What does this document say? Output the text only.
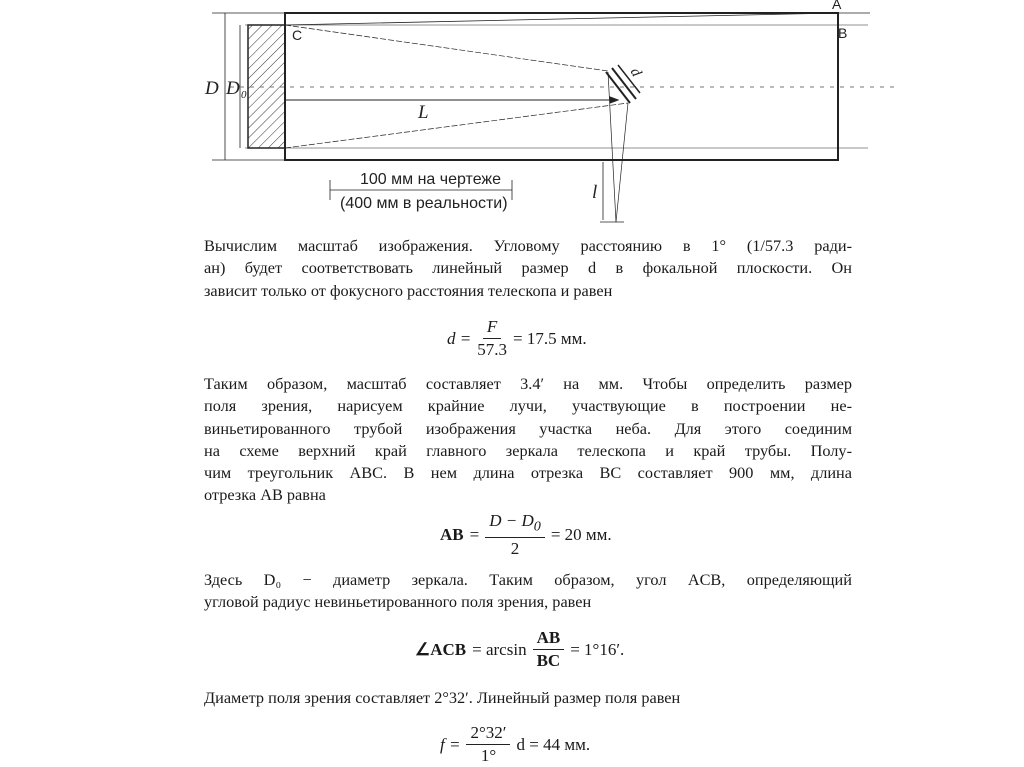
A
B
C
100 мм на чертеже
(400 мм в реальности)
D D 0
L
d
l
Вычислим масштаб изображения. Угловому расстоянию в 1° (1/57.3 ради-
ан) будет соответствовать линейный размер d в фокальной плоскости. Он
зависит только от фокусного расстояния телескопа и равен
$d = \frac{F}{57.3} = 17.5$ мм.
Таким образом, масштаб составляет 3.4′ на мм. Чтобы определить размер
поля зрения, нарисуем крайние лучи, участвующие в построении не-
виньетированного трубой изображения участка неба. Для этого соединим
на схеме верхний край главного зеркала телескопа и край трубы. Полу-
чим треугольник ABC. В нем длина отрезка BC составляет 900 мм, длина
отрезка AB равна
AB = $\frac{D - D_0}{2} = 20$ мм.
Здесь D₀ − диаметр зеркала. Таким образом, угол ACB, определяющий
угловой радиус невиньетированного поля зрения, равен
∠ACB = $\arcsin \frac{AB}{BC} = 1^\circ 16'$.
Диаметр поля зрения составляет 2°32′. Линейный размер поля равен
$f = \frac{2^\circ 32'}{1^\circ}$ d = 44 мм.
